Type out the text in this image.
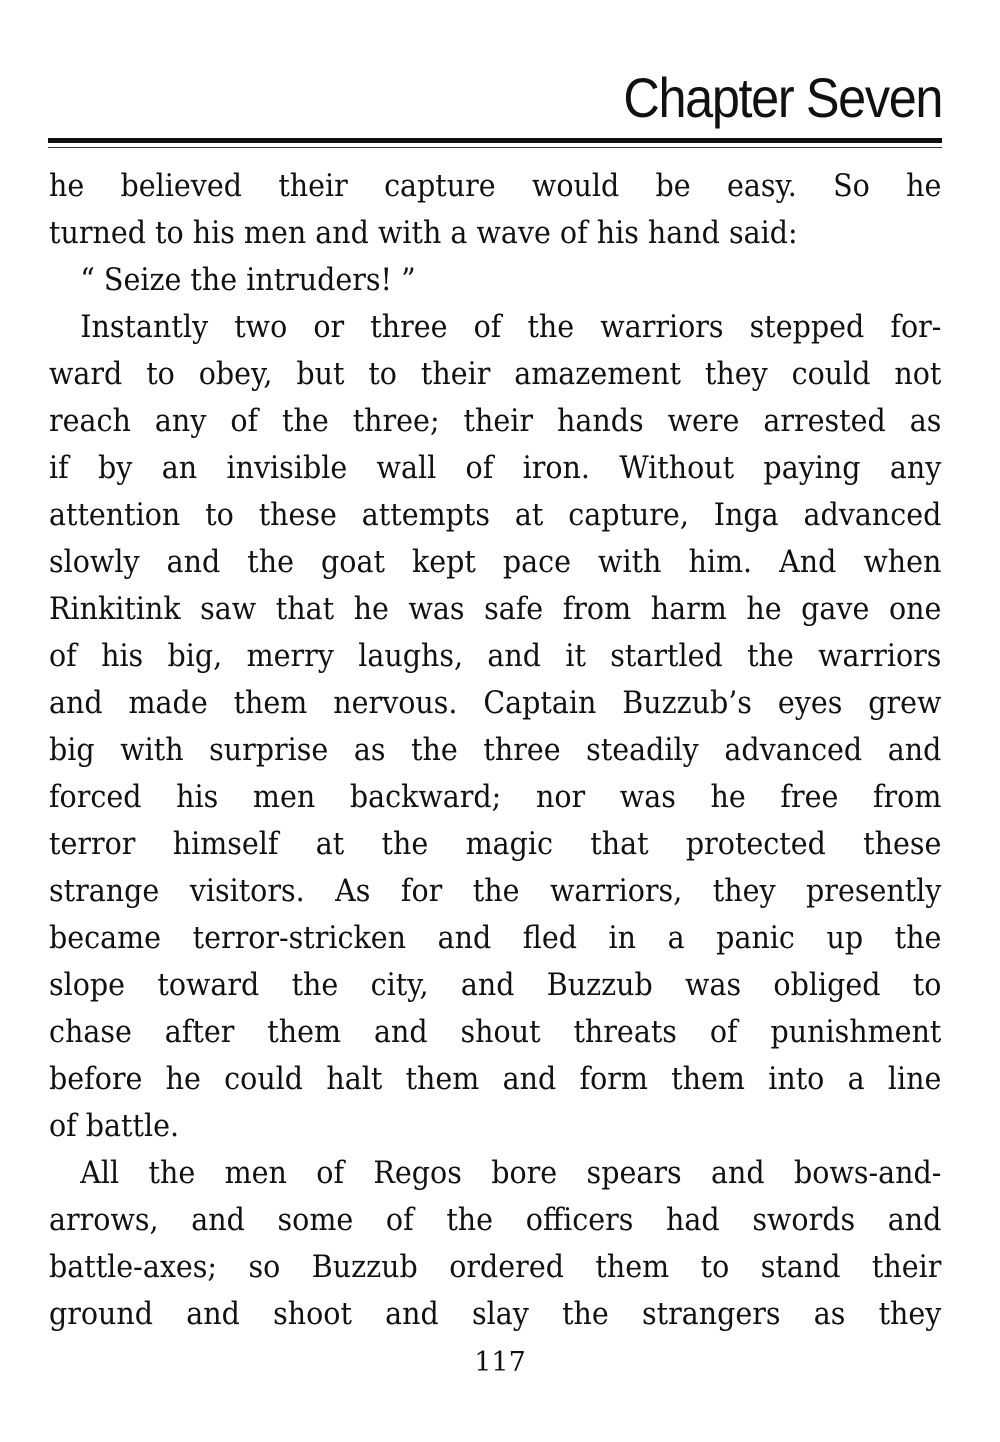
Chapter Seven
he believed their capture would be easy. So he
turned to his men and with a wave of his hand said:
“ Seize the intruders! ”
Instantly two or three of the warriors stepped for-
ward to obey, but to their amazement they could not
reach any of the three; their hands were arrested as
if by an invisible wall of iron. Without paying any
attention to these attempts at capture, Inga advanced
slowly and the goat kept pace with him. And when
Rinkitink saw that he was safe from harm he gave one
of his big, merry laughs, and it startled the warriors
and made them nervous. Captain Buzzub’s eyes grew
big with surprise as the three steadily advanced and
forced his men backward; nor was he free from
terror himself at the magic that protected these
strange visitors. As for the warriors, they presently
became terror-stricken and fled in a panic up the
slope toward the city, and Buzzub was obliged to
chase after them and shout threats of punishment
before he could halt them and form them into a line
of battle.
All the men of Regos bore spears and bows-and-
arrows, and some of the officers had swords and
battle-axes; so Buzzub ordered them to stand their
ground and shoot and slay the strangers as they
117
